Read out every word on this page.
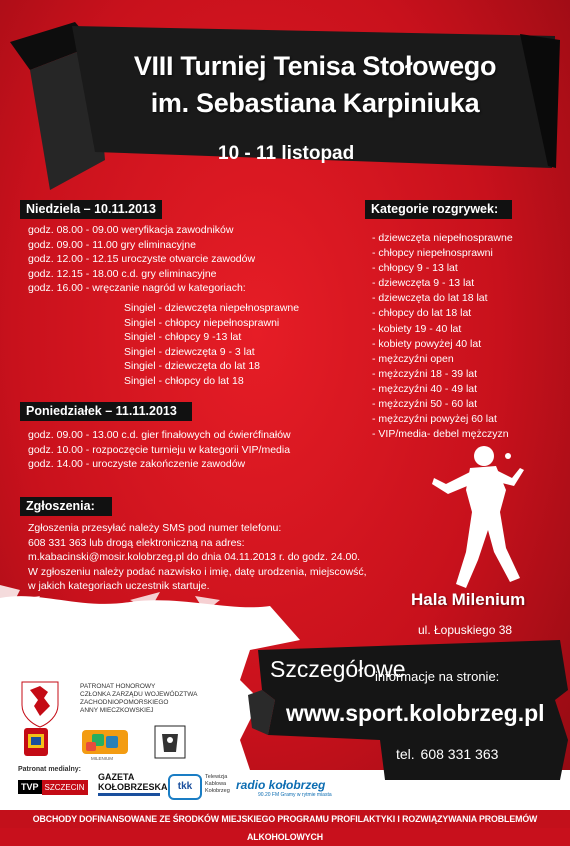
VIII Turniej Tenisa Stołowego
im. Sebastiana Karpiniuka
10 - 11 listopad
Niedziela – 10.11.2013
godz. 08.00 - 09.00 weryfikacja zawodników
godz. 09.00 - 11.00 gry eliminacyjne
godz. 12.00 - 12.15 uroczyste otwarcie zawodów
godz. 12.15 - 18.00 c.d. gry eliminacyjne
godz. 16.00 - wręczanie nagród w kategoriach:
Singiel - dziewczęta niepełnosprawne
Singiel - chłopcy niepełnosprawni
Singiel - chłopcy 9 -13 lat
Singiel - dziewczęta 9 - 3 lat
Singiel - dziewczęta do lat 18
Singiel - chłopcy do lat 18
Poniedziałek – 11.11.2013
godz. 09.00 - 13.00 c.d. gier finałowych od ćwierćfinałów
godz. 10.00 - rozpoczęcie turnieju w kategorii VIP/media
godz. 14.00 - uroczyste zakończenie zawodów
Zgłoszenia:
Zgłoszenia przesyłać należy SMS pod numer telefonu:
608 331 363 lub drogą elektroniczną na adres:
m.kabacinski@mosir.kolobrzeg.pl do dnia 04.11.2013 r. do godz. 24.00.
W zgłoszeniu należy podać nazwisko i imię, datę urodzenia, miejscowść,
w jakich kategoriach uczestnik startuje.
Kategorie rozgrywek:
- dziewczęta niepełnosprawne
- chłopcy niepełnosprawni
- chłopcy 9 - 13 lat
- dziewczęta 9 - 13 lat
- dziewczęta do lat 18 lat
- chłopcy do lat 18 lat
- kobiety 19 - 40 lat
- kobiety powyżej 40 lat
- mężczyźni open
- mężczyźni 18 - 39 lat
- mężczyźni 40 - 49 lat
- mężczyźni 50 - 60 lat
- mężczyźni powyżej 60 lat
- VIP/media- debel mężczyzn
Hala Milenium
ul. Łopuskiego 38
Szczegółowe
informacje na stronie:
www.sport.kolobrzeg.pl
tel. 608 331 363
PATRONAT HONOROWY
CZŁONKA ZARZĄDU WOJEWÓDZTWA
ZACHODNIOPOMORSKIEGO
ANNY MIECZKOWSKIEJ
MILENIUM
Patronat medialny:
TVP SZCZECIN
GAZETA
KOŁOBRZESKA	tkk
Telewizja
Kablowa
Kołobrzeg radio kołobrzeg
90.20 FM Gramy w rytmie miasta
OBCHODY DOFINANSOWANE ZE ŚRODKÓW MIEJSKIEGO PROGRAMU PROFILAKTYKI I ROZWIĄZYWANIA PROBLEMÓW ALKOHOLOWYCH
